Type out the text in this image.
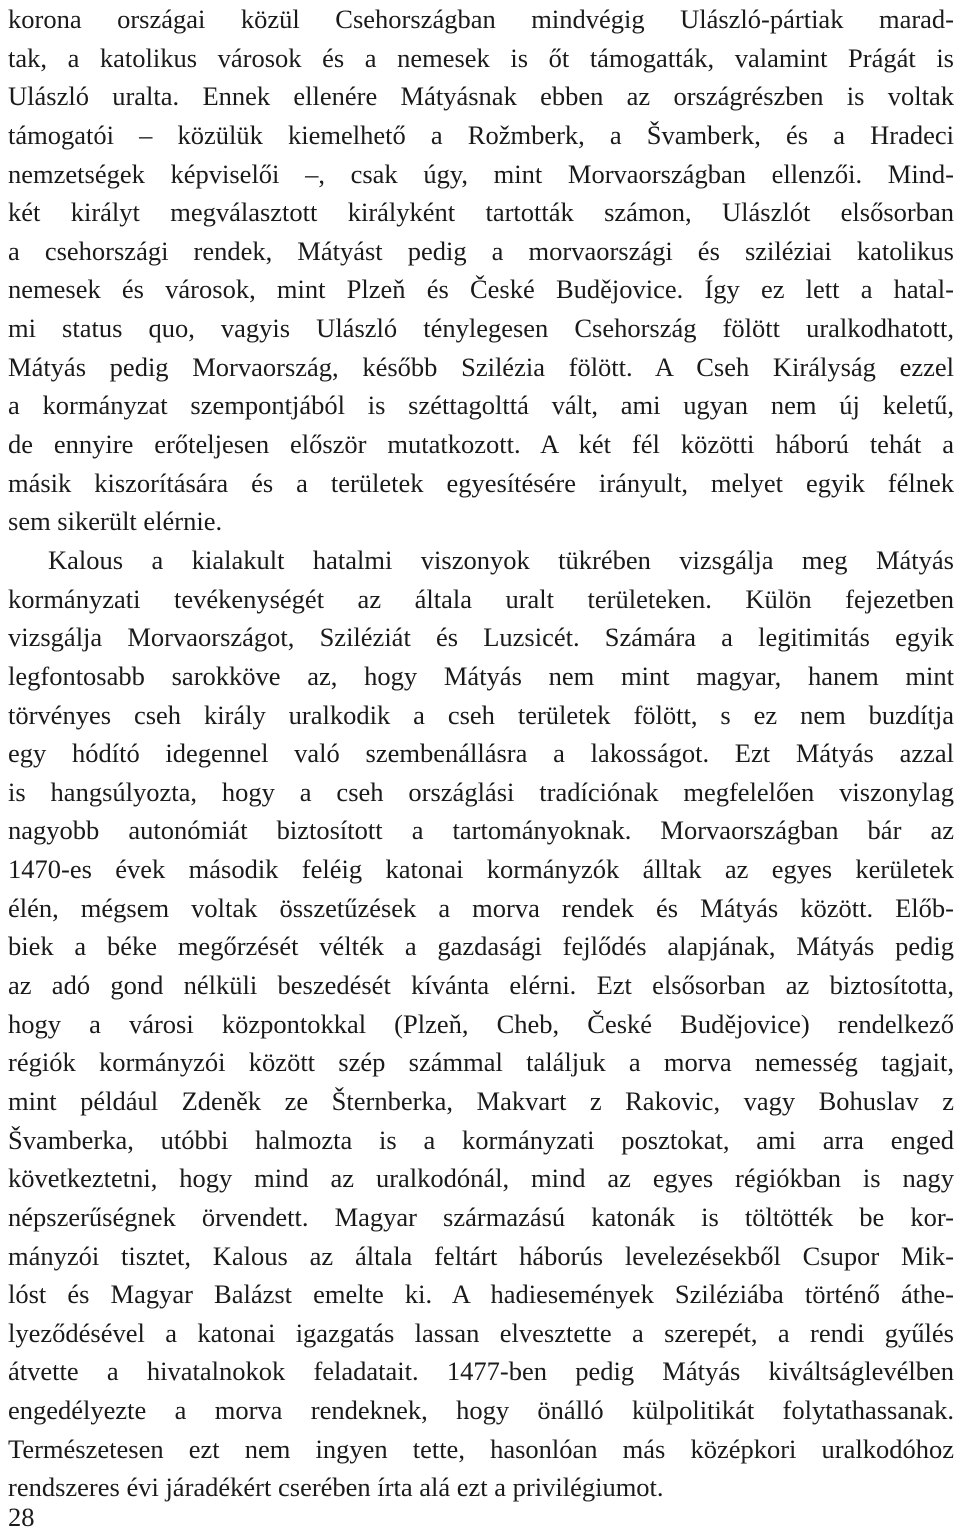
korona országai közül Csehországban mindvégig Ulászló-pártiak marad-
tak, a katolikus városok és a nemesek is őt támogatták, valamint Prágát is
Ulászló uralta. Ennek ellenére Mátyásnak ebben az országrészben is voltak
támogatói – közülük kiemelhető a Rožmberk, a Švamberk, és a Hradeci
nemzetségek képviselői –, csak úgy, mint Morvaországban ellenzői. Mind-
két királyt megválasztott királyként tartották számon, Ulászlót elsősorban
a csehországi rendek, Mátyást pedig a morvaországi és sziléziai katolikus
nemesek és városok, mint Plzeň és České Budějovice. Így ez lett a hatal-
mi status quo, vagyis Ulászló ténylegesen Csehország fölött uralkodhatott,
Mátyás pedig Morvaország, később Szilézia fölött. A Cseh Királyság ezzel
a kormányzat szempontjából is széttagolttá vált, ami ugyan nem új keletű,
de ennyire erőteljesen először mutatkozott. A két fél közötti háború tehát a
másik kiszorítására és a területek egyesítésére irányult, melyet egyik félnek
sem sikerült elérnie.
Kalous a kialakult hatalmi viszonyok tükrében vizsgálja meg Mátyás
kormányzati tevékenységét az általa uralt területeken. Külön fejezetben
vizsgálja Morvaországot, Sziléziát és Luzsicét. Számára a legitimitás egyik
legfontosabb sarokköve az, hogy Mátyás nem mint magyar, hanem mint
törvényes cseh király uralkodik a cseh területek fölött, s ez nem buzdítja
egy hódító idegennel való szembenállásra a lakosságot. Ezt Mátyás azzal
is hangsúlyozta, hogy a cseh országlási tradíciónak megfelelően viszonylag
nagyobb autonómiát biztosított a tartományoknak. Morvaországban bár az
1470-es évek második feléig katonai kormányzók álltak az egyes kerületek
élén, mégsem voltak összetűzések a morva rendek és Mátyás között. Előb-
biek a béke megőrzését vélték a gazdasági fejlődés alapjának, Mátyás pedig
az adó gond nélküli beszedését kívánta elérni. Ezt elsősorban az biztosította,
hogy a városi központokkal (Plzeň, Cheb, České Budějovice) rendelkező
régiók kormányzói között szép számmal találjuk a morva nemesség tagjait,
mint például Zdeněk ze Šternberka, Makvart z Rakovic, vagy Bohuslav z
Švamberka, utóbbi halmozta is a kormányzati posztokat, ami arra enged
következtetni, hogy mind az uralkodónál, mind az egyes régiókban is nagy
népszerűségnek örvendett. Magyar származású katonák is töltötték be kor-
mányzói tisztet, Kalous az általa feltárt háborús levelezésekből Csupor Mik-
lóst és Magyar Balázst emelte ki. A hadiesemények Sziléziába történő áthe-
lyeződésével a katonai igazgatás lassan elvesztette a szerepét, a rendi gyűlés
átvette a hivatalnokok feladatait. 1477-ben pedig Mátyás kiváltságlevélben
engedélyezte a morva rendeknek, hogy önálló külpolitikát folytathassanak.
Természetesen ezt nem ingyen tette, hasonlóan más középkori uralkodóhoz
rendszeres évi járadékért cserében írta alá ezt a privilégiumot.
28
